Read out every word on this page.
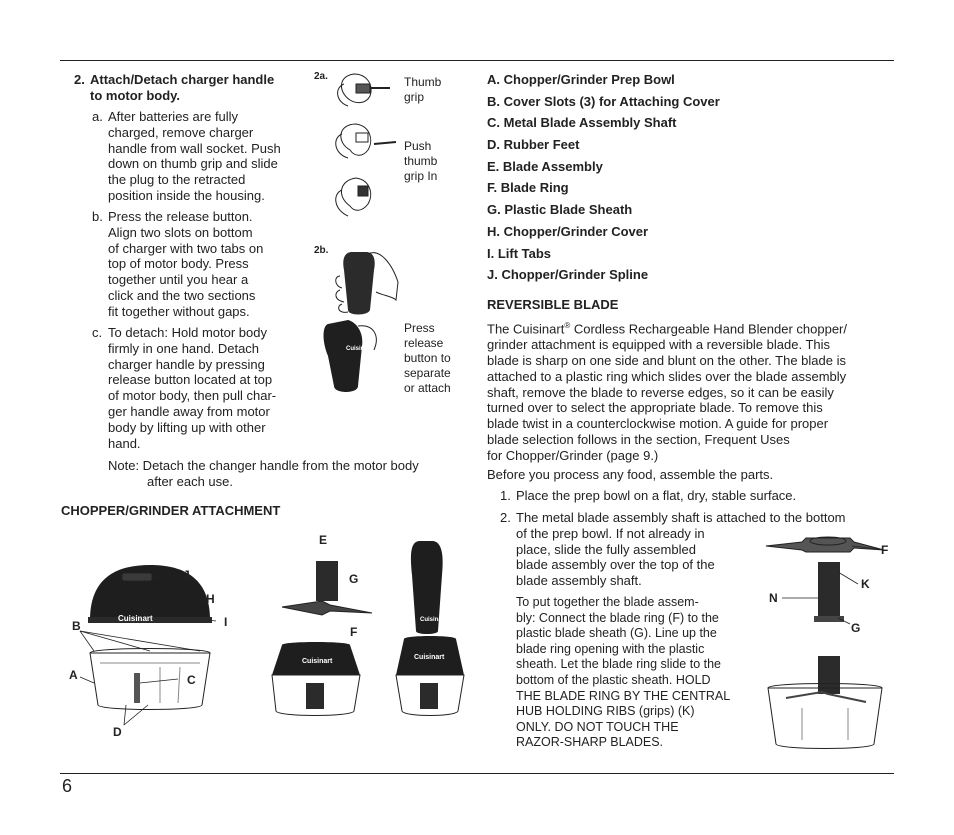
2. Attach/Detach charger handle
to motor body.
a. After batteries are fully
charged, remove charger
handle from wall socket. Push
down on thumb grip and slide
the plug to the retracted
position inside the housing.
b. Press the release button.
Align two slots on bottom
of charger with two tabs on
top of motor body. Press
together until you hear a
click and the two sections
fit together without gaps.
c. To detach: Hold motor body
firmly in one hand. Detach
charger handle by pressing
release button located at top
of motor body, then pull char-
ger handle away from motor
body by lifting up with other
hand.
Note: Detach the changer handle from the motor body
after each use.
CHOPPER/GRINDER ATTACHMENT
2a.
2b.
Thumb
grip
Push
thumb
grip In
Cuisinart
Press
release
button to
separate
or attach
Cuisinart
Cuisinart
Cuisinart
Cuisinart
J
H
I
B
A	C
D
E
G
F
A. Chopper/Grinder Prep Bowl
B. Cover Slots (3) for Attaching Cover
C. Metal Blade Assembly Shaft
D. Rubber Feet
E. Blade Assembly
F. Blade Ring
G. Plastic Blade Sheath
H. Chopper/Grinder Cover
I. Lift Tabs
J. Chopper/Grinder Spline
REVERSIBLE BLADE
The Cuisinart® Cordless Rechargeable Hand Blender chopper/
grinder attachment is equipped with a reversible blade. This
blade is sharp on one side and blunt on the other. The blade is
attached to a plastic ring which slides over the blade assembly
shaft, remove the blade to reverse edges, so it can be easily
turned over to select the appropriate blade. To remove this
blade twist in a counterclockwise motion. A guide for proper
blade selection follows in the section, Frequent Uses
for Chopper/Grinder (page 9.)
Before you process any food, assemble the parts.
1. Place the prep bowl on a flat, dry, stable surface.
2. The metal blade assembly shaft is attached to the bottom
of the prep bowl. If not already in
place, slide the fully assembled
blade assembly over the top of the
blade assembly shaft.
To put together the blade assem-
bly: Connect the blade ring (F) to the
plastic blade sheath (G). Line up the
blade ring opening with the plastic
sheath. Let the blade ring slide to the
bottom of the plastic sheath. HOLD
THE BLADE RING BY THE CENTRAL
HUB HOLDING RIBS (grips) (K)
ONLY. DO NOT TOUCH THE
RAZOR-SHARP BLADES.
F
K
N
G
6
